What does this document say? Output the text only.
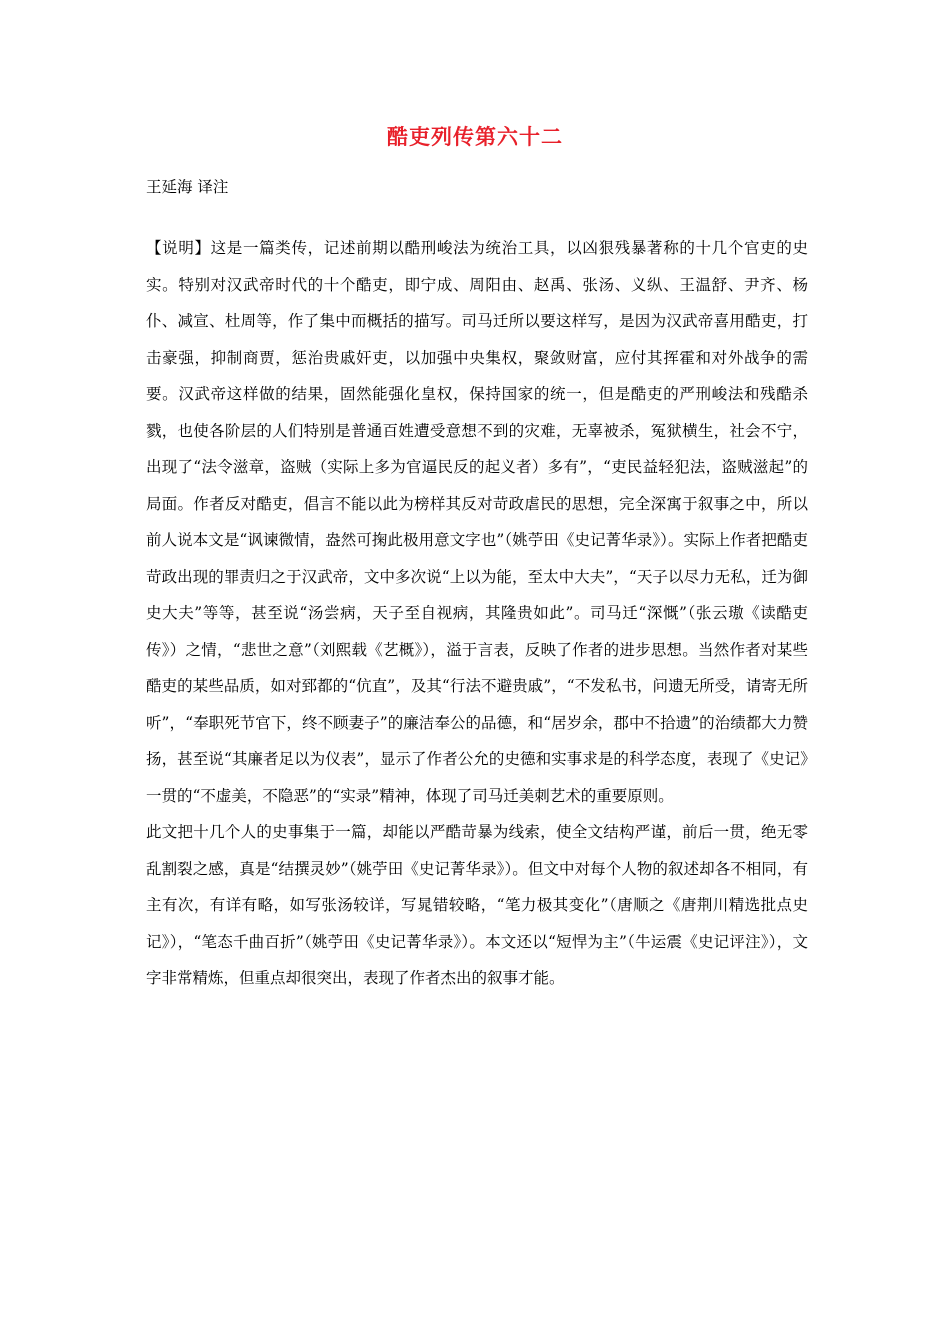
酷吏列传第六十二
王延海 译注

【说明】这是一篇类传，记述前期以酷刑峻法为统治工具，以凶狠残暴著称的十几个官吏的史实。特别对汉武帝时代的十个酷吏，即宁成、周阳由、赵禹、张汤、义纵、王温舒、尹齐、杨仆、减宣、杜周等，作了集中而概括的描写。司马迁所以要这样写，是因为汉武帝喜用酷吏，打击豪强，抑制商贾，惩治贵戚奸吏，以加强中央集权，聚敛财富，应付其挥霍和对外战争的需要。汉武帝这样做的结果，固然能强化皇权，保持国家的统一，但是酷吏的严刑峻法和残酷杀戮，也使各阶层的人们特别是普通百姓遭受意想不到的灾难，无辜被杀，冤狱横生，社会不宁，出现了“法令滋章，盗贼（实际上多为官逼民反的起义者）多有”，“吏民益轻犯法，盗贼滋起”的局面。作者反对酷吏，倡言不能以此为榜样其反对苛政虐民的思想，完全深寓于叙事之中，所以前人说本文是“讽谏微情，盎然可掬此极用意文字也”（姚苧田《史记菁华录》）。实际上作者把酷吏苛政出现的罪责归之于汉武帝，文中多次说“上以为能，至太中大夫”，“天子以尽力无私，迁为御史大夫”等等，甚至说“汤尝病，天子至自视病，其隆贵如此”。司马迁“深慨”（张云璈《读酷吏传》）之情，“悲世之意”（刘熙载《艺概》），溢于言表，反映了作者的进步思想。当然作者对某些酷吏的某些品质，如对郅都的“伉直”，及其“行法不避贵戚”，“不发私书，问遗无所受，请寄无所听”，“奉职死节官下，终不顾妻子”的廉洁奉公的品德，和“居岁余，郡中不拾遗”的治绩都大力赞扬，甚至说“其廉者足以为仪表”，显示了作者公允的史德和实事求是的科学态度，表现了《史记》一贯的“不虚美，不隐恶”的“实录”精神，体现了司马迁美刺艺术的重要原则。

此文把十几个人的史事集于一篇，却能以严酷苛暴为线索，使全文结构严谨，前后一贯，绝无零乱割裂之感，真是“结撰灵妙”（姚苧田《史记菁华录》）。但文中对每个人物的叙述却各不相同，有主有次，有详有略，如写张汤较详，写晁错较略，“笔力极其变化”（唐顺之《唐荆川精选批点史记》），“笔态千曲百折”（姚苧田《史记菁华录》）。本文还以“短悍为主”（牛运震《史记评注》），文字非常精炼，但重点却很突出，表现了作者杰出的叙事才能。
